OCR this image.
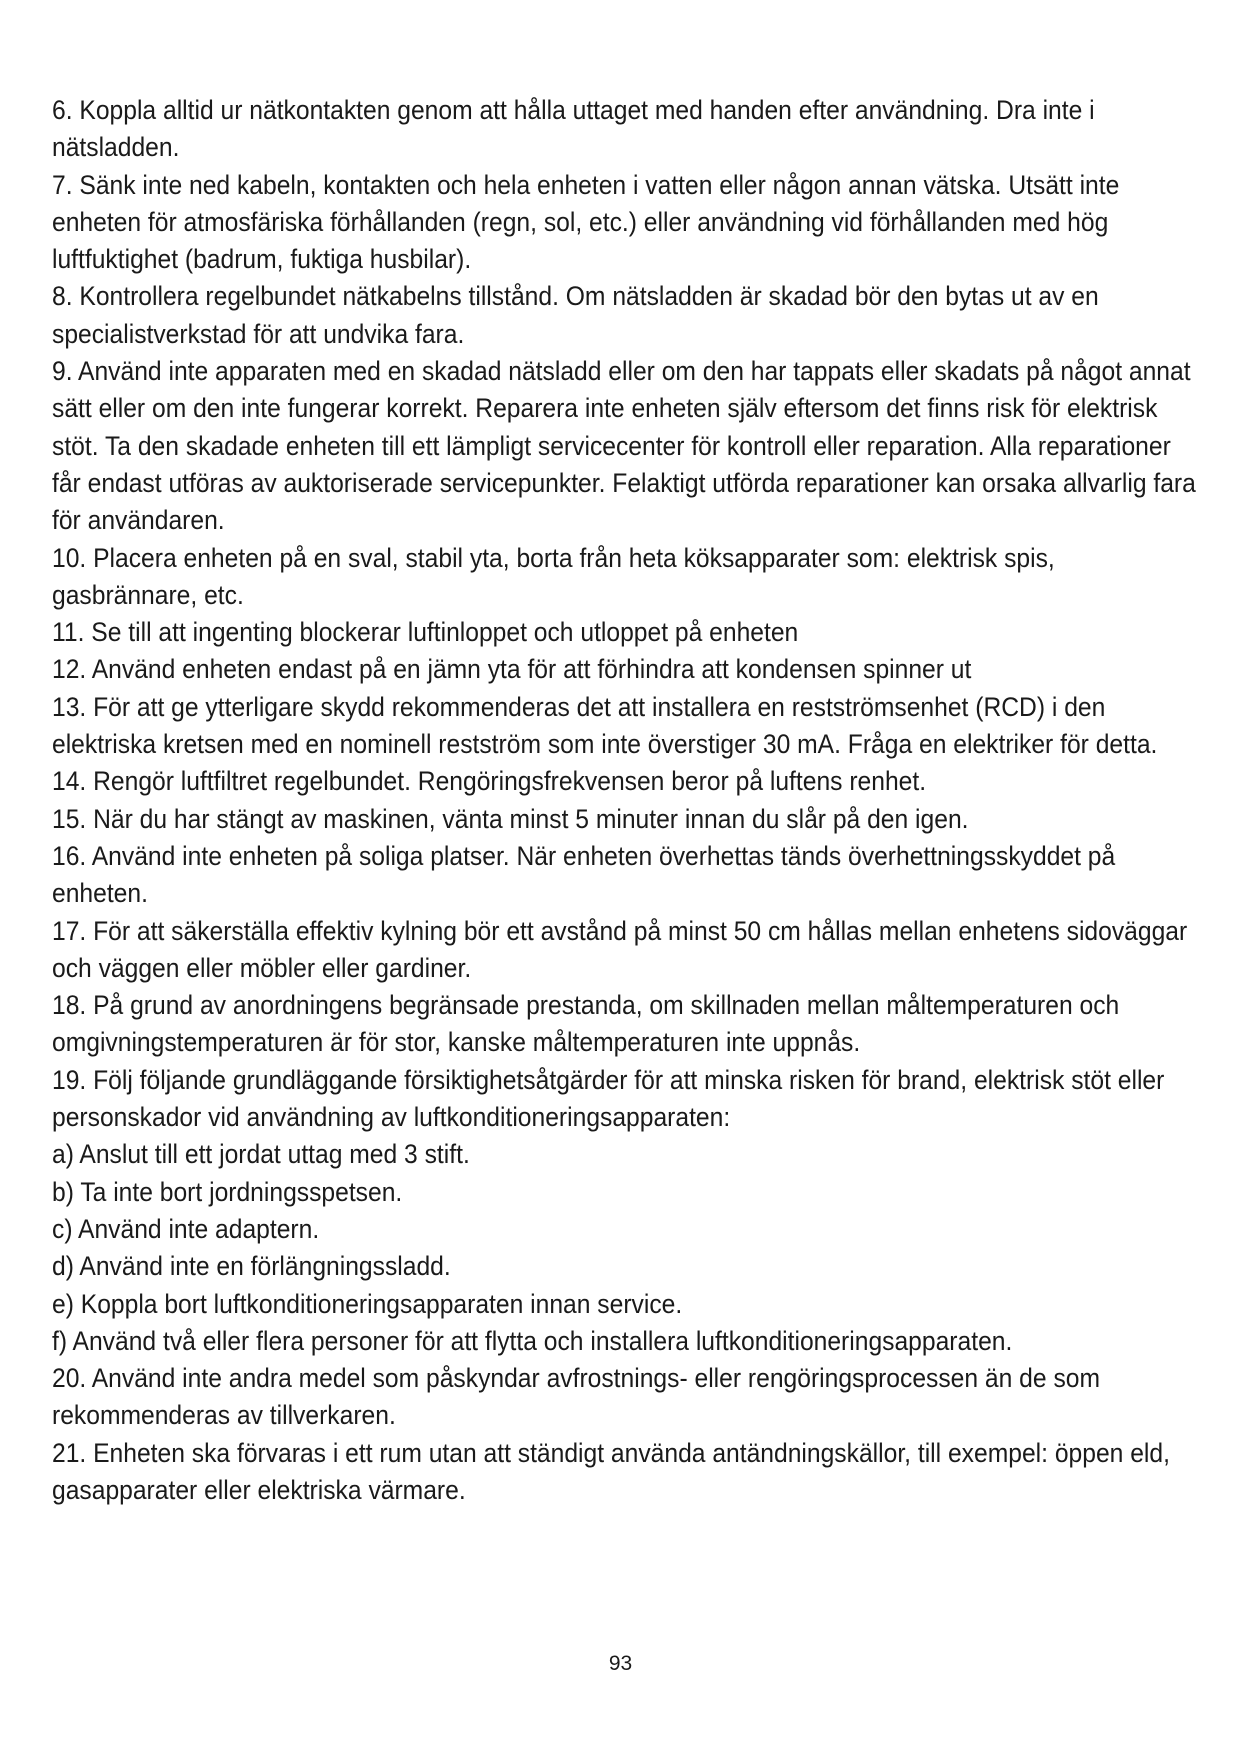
6. Koppla alltid ur nätkontakten genom att hålla uttaget med handen efter användning. Dra inte i nätsladden.

7. Sänk inte ned kabeln, kontakten och hela enheten i vatten eller någon annan vätska. Utsätt inte enheten för atmosfäriska förhållanden (regn, sol, etc.) eller användning vid förhållanden med hög luftfuktighet (badrum, fuktiga husbilar).

8. Kontrollera regelbundet nätkabelns tillstånd. Om nätsladden är skadad bör den bytas ut av en specialistverkstad för att undvika fara.

9. Använd inte apparaten med en skadad nätsladd eller om den har tappats eller skadats på något annat sätt eller om den inte fungerar korrekt. Reparera inte enheten själv eftersom det finns risk för elektrisk stöt. Ta den skadade enheten till ett lämpligt servicecenter för kontroll eller reparation. Alla reparationer får endast utföras av auktoriserade servicepunkter. Felaktigt utförda reparationer kan orsaka allvarlig fara för användaren.

10. Placera enheten på en sval, stabil yta, borta från heta köksapparater som: elektrisk spis, gasbrännare, etc.

11. Se till att ingenting blockerar luftinloppet och utloppet på enheten

12. Använd enheten endast på en jämn yta för att förhindra att kondensen spinner ut

13. För att ge ytterligare skydd rekommenderas det att installera en restströmsenhet (RCD) i den elektriska kretsen med en nominell restström som inte överstiger 30 mA. Fråga en elektriker för detta.

14. Rengör luftfiltret regelbundet. Rengöringsfrekvensen beror på luftens renhet.

15. När du har stängt av maskinen, vänta minst 5 minuter innan du slår på den igen.

16. Använd inte enheten på soliga platser. När enheten överhettas tänds överhettningsskyddet på enheten.

17. För att säkerställa effektiv kylning bör ett avstånd på minst 50 cm hållas mellan enhetens sidoväggar och väggen eller möbler eller gardiner.

18. På grund av anordningens begränsade prestanda, om skillnaden mellan måltemperaturen och omgivningstemperaturen är för stor, kanske måltemperaturen inte uppnås.

19. Följ följande grundläggande försiktighetsåtgärder för att minska risken för brand, elektrisk stöt eller personskador vid användning av luftkonditioneringsapparaten:

a) Anslut till ett jordat uttag med 3 stift.

b) Ta inte bort jordningsspetsen.

c) Använd inte adaptern.

d) Använd inte en förlängningssladd.

e) Koppla bort luftkonditioneringsapparaten innan service.

f) Använd två eller flera personer för att flytta och installera luftkonditioneringsapparaten.

20. Använd inte andra medel som påskyndar avfrostnings- eller rengöringsprocessen än de som rekommenderas av tillverkaren.

21. Enheten ska förvaras i ett rum utan att ständigt använda antändningskällor, till exempel: öppen eld, gasapparater eller elektriska värmare.

93
